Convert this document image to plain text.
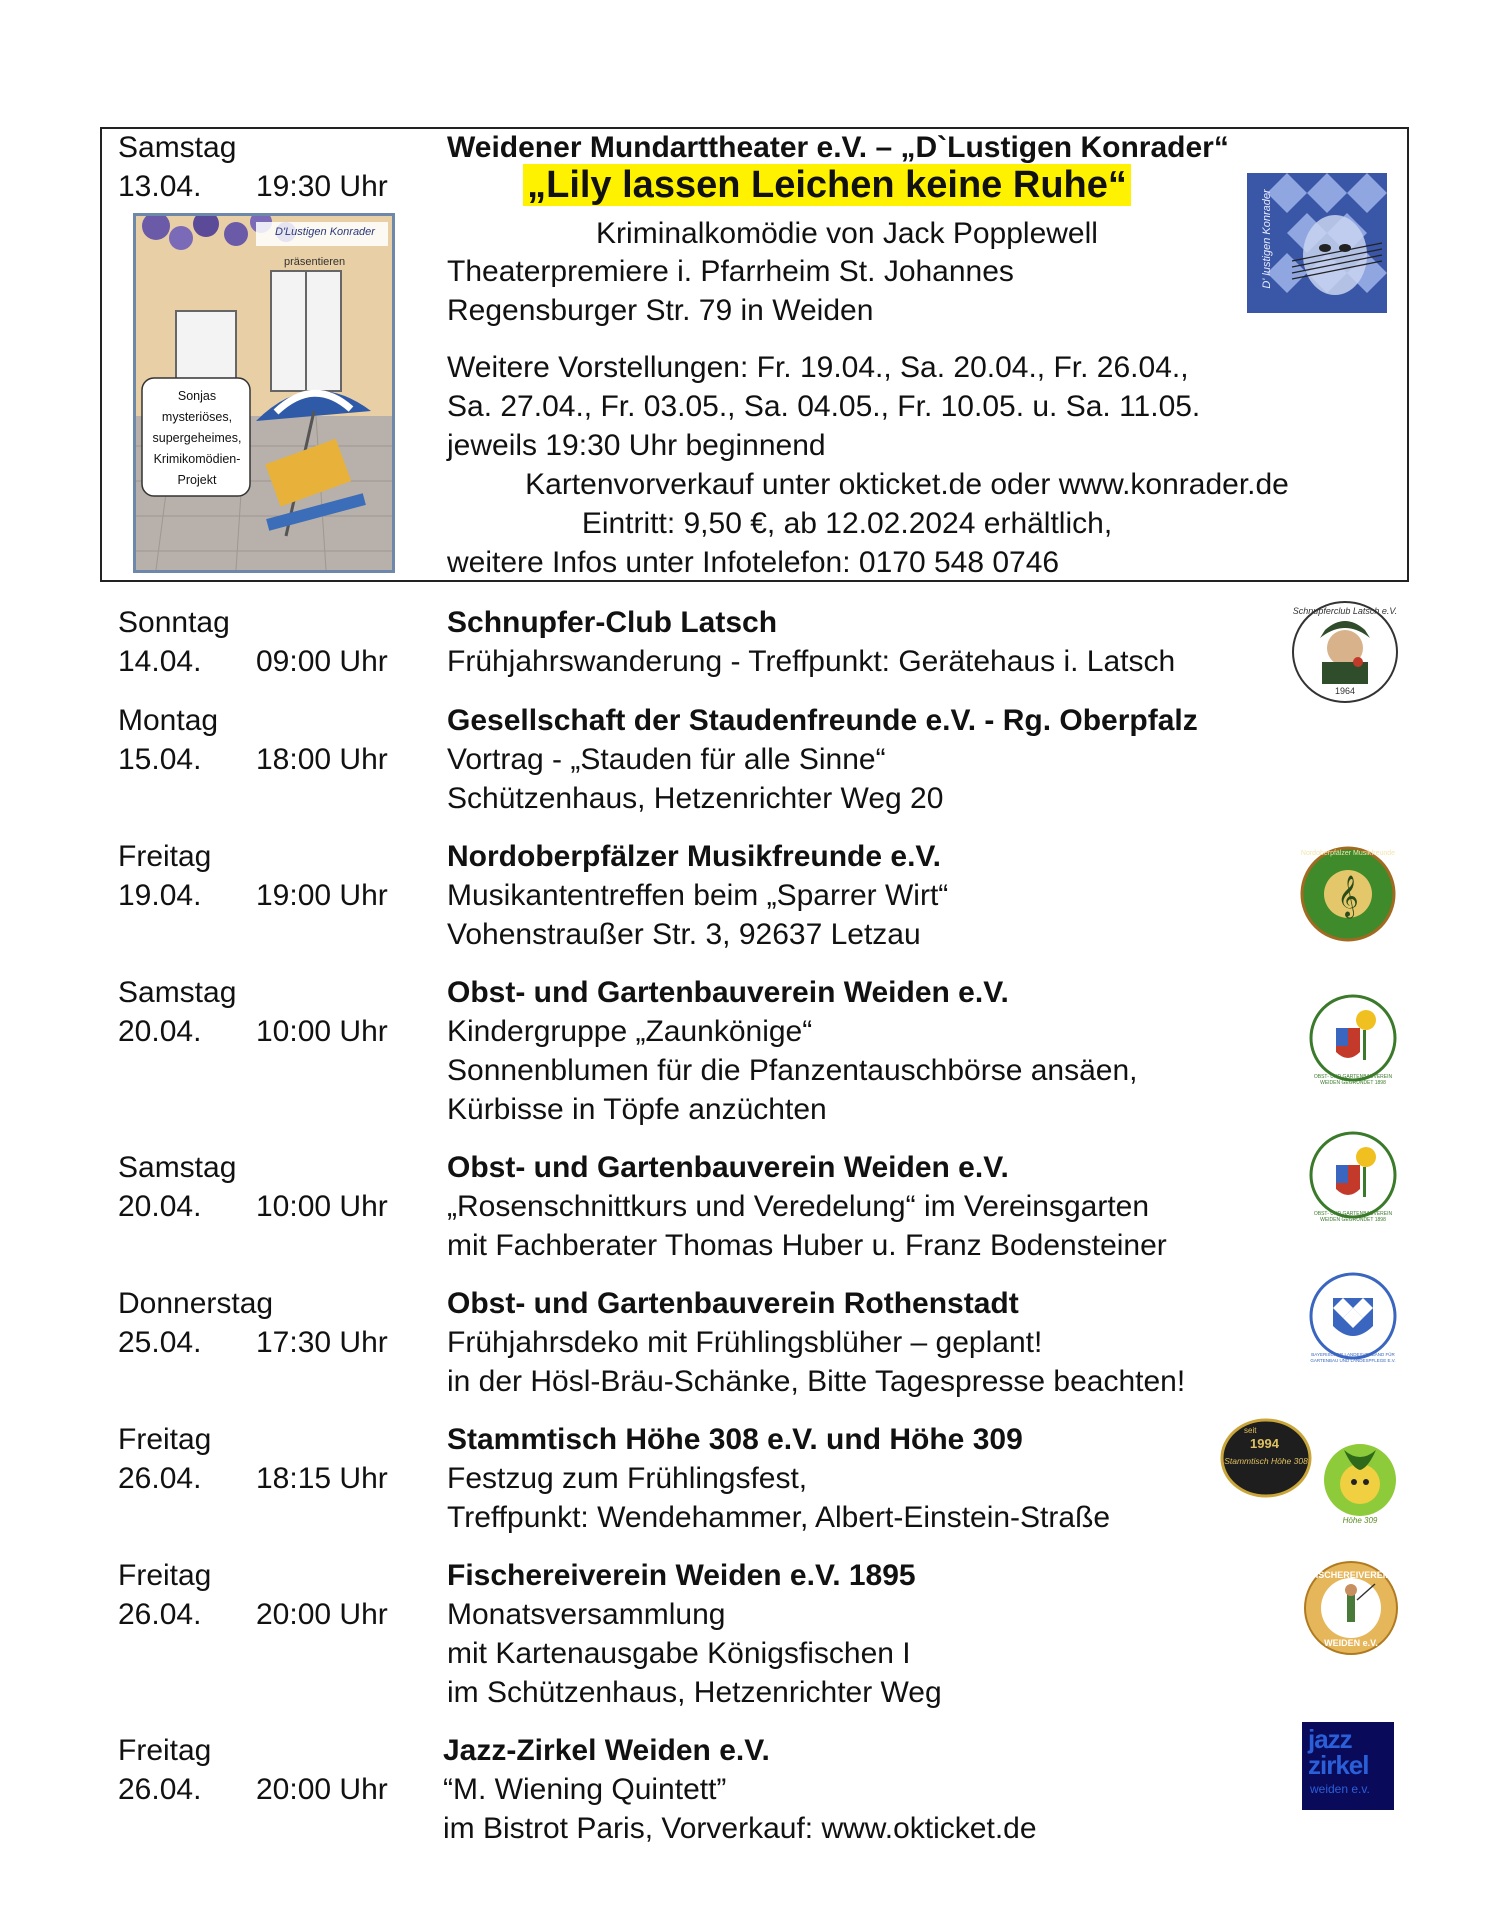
Samstag
13.04. 19:30 Uhr
Weidener Mundarttheater e.V. – „D`Lustigen Konrader“
„Lily lassen Leichen keine Ruhe“
Kriminalkomödie von Jack Popplewell
Theaterpremiere i. Pfarrheim St. Johannes
Regensburger Str. 79 in Weiden
Weitere Vorstellungen: Fr. 19.04., Sa. 20.04., Fr. 26.04.,
Sa. 27.04., Fr. 03.05., Sa. 04.05., Fr. 10.05. u. Sa. 11.05.
jeweils 19:30 Uhr beginnend
Kartenvorverkauf unter okticket.de oder www.konrader.de
Eintritt: 9,50 €, ab 12.02.2024 erhältlich,
weitere Infos unter Infotelefon: 0170 548 0746
D'Lustigen Konrader
präsentieren
Sonjas
mysteriöses,
supergeheimes,
Krimikomödien-
Projekt
D' lustigen Konrader
Sonntag
14.04. 09:00 Uhr
Schnupfer-Club Latsch
Frühjahrswanderung - Treffpunkt: Gerätehaus i. Latsch
Montag
15.04. 18:00 Uhr
Gesellschaft der Staudenfreunde e.V. - Rg. Oberpfalz
Vortrag - „Stauden für alle Sinne“
Schützenhaus, Hetzenrichter Weg 20
Freitag
19.04. 19:00 Uhr
Nordoberpfälzer Musikfreunde e.V.
Musikantentreffen beim „Sparrer Wirt“
Vohenstraußer Str. 3, 92637 Letzau
Samstag
20.04. 10:00 Uhr
Obst- und Gartenbauverein Weiden e.V.
Kindergruppe „Zaunkönige“
Sonnenblumen für die Pfanzentauschbörse ansäen,
Kürbisse in Töpfe anzüchten
Samstag
20.04. 10:00 Uhr
Obst- und Gartenbauverein Weiden e.V.
„Rosenschnittkurs und Veredelung“ im Vereinsgarten
mit Fachberater Thomas Huber u. Franz Bodensteiner
Donnerstag
25.04. 17:30 Uhr
Obst- und Gartenbauverein Rothenstadt
Frühjahrsdeko mit Frühlingsblüher – geplant!
in der Hösl-Bräu-Schänke, Bitte Tagespresse beachten!
Freitag
26.04. 18:15 Uhr
Stammtisch Höhe 308 e.V. und Höhe 309
Festzug zum Frühlingsfest,
Treffpunkt: Wendehammer, Albert-Einstein-Straße
Freitag
26.04. 20:00 Uhr
Fischereiverein Weiden e.V. 1895
Monatsversammlung
mit Kartenausgabe Königsfischen I
im Schützenhaus, Hetzenrichter Weg
Freitag
26.04. 20:00 Uhr
Jazz-Zirkel Weiden e.V.
“M. Wiening Quintett”
im Bistrot Paris, Vorverkauf: www.okticket.de
Schnupferclub Latsch e.V.
1964
𝄞
Nordoberpfälzer Musikfreunde
OBST- UND GARTENBAUVEREIN WEIDEN GEGRÜNDET 1898
OBST- UND GARTENBAUVEREIN WEIDEN GEGRÜNDET 1898
BAYERISCHER LANDESVERBAND FÜR GARTENBAU UND LANDESPFLEGE E.V.
seit
1994
Stammtisch Höhe 308
Höhe 309
FISCHEREIVEREIN
WEIDEN e.V.
jazz
zirkel
weiden e.v.
